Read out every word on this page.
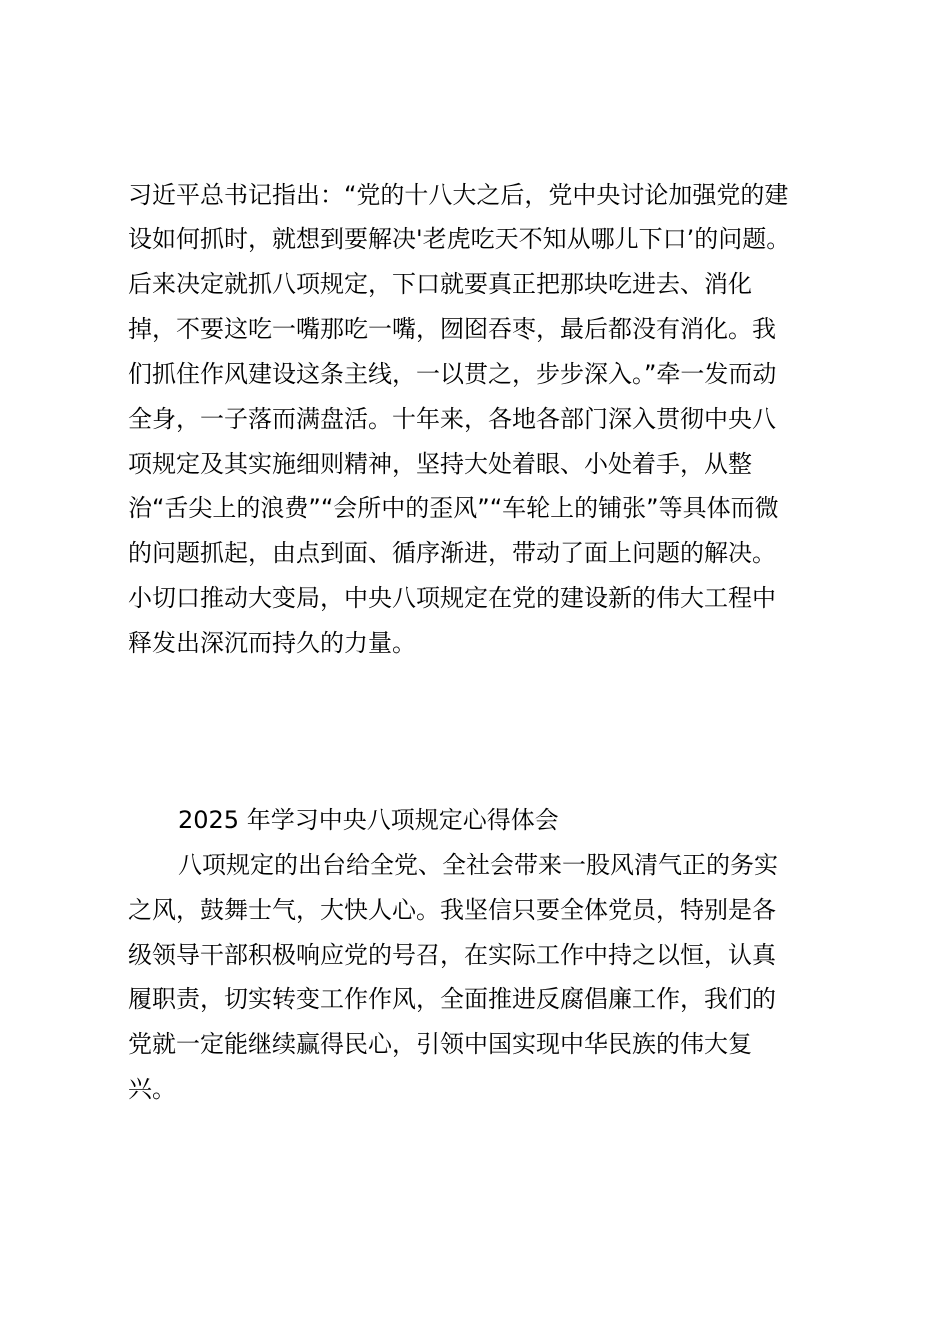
习近平总书记指出：“党的十八大之后，党中央讨论加强党的建
设如何抓时，就想到要解决'老虎吃天不知从哪儿下口’的问题。
后来决定就抓八项规定，下口就要真正把那块吃进去、消化
掉，不要这吃一嘴那吃一嘴，囫囵吞枣，最后都没有消化。我
们抓住作风建设这条主线，一以贯之，步步深入。”牵一发而动
全身，一子落而满盘活。十年来，各地各部门深入贯彻中央八
项规定及其实施细则精神，坚持大处着眼、小处着手，从整
治“舌尖上的浪费”“会所中的歪风”“车轮上的铺张”等具体而微
的问题抓起，由点到面、循序渐进，带动了面上问题的解决。
小切口推动大变局，中央八项规定在党的建设新的伟大工程中
释发出深沉而持久的力量。
2025 年学习中央八项规定心得体会
八项规定的出台给全党、全社会带来一股风清气正的务实
之风，鼓舞士气，大快人心。我坚信只要全体党员，特别是各
级领导干部积极响应党的号召，在实际工作中持之以恒，认真
履职责，切实转变工作作风，全面推进反腐倡廉工作，我们的
党就一定能继续赢得民心，引领中国实现中华民族的伟大复
兴。
